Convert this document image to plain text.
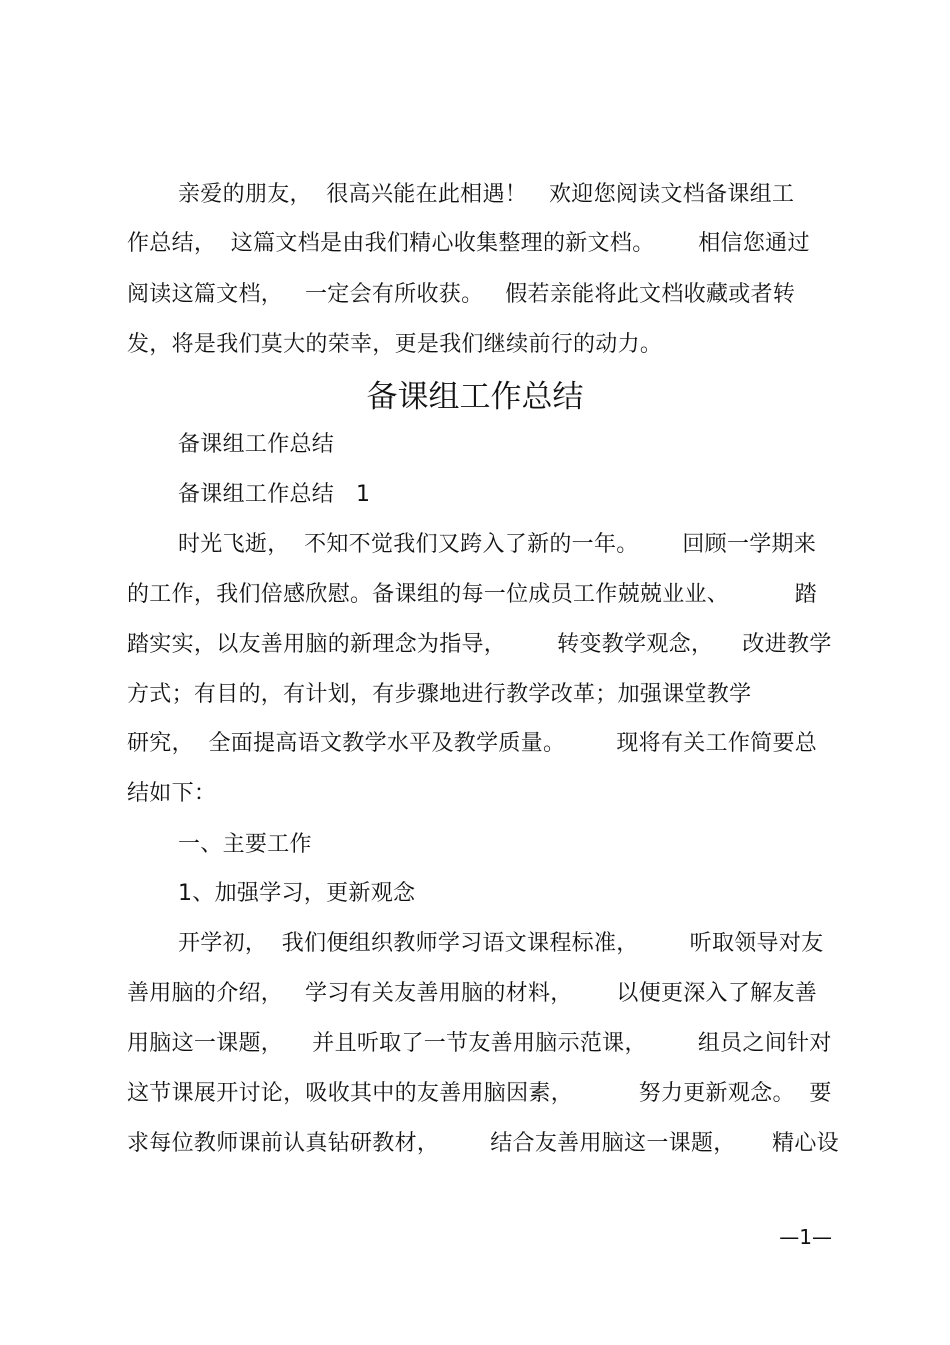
亲爱的朋友，  很高兴能在此相遇！   欢迎您阅读文档备课组工
作总结，  这篇文档是由我们精心收集整理的新文档。      相信您通过
阅读这篇文档，   一定会有所收获。   假若亲能将此文档收藏或者转
发，将是我们莫大的荣幸，更是我们继续前行的动力。
备课组工作总结
备课组工作总结
备课组工作总结   1
时光飞逝，  不知不觉我们又跨入了新的一年。      回顾一学期来
的工作，我们倍感欣慰。备课组的每一位成员工作兢兢业业、         踏
踏实实，以友善用脑的新理念为指导，       转变教学观念，    改进教学
方式；有目的，有计划，有步骤地进行教学改革；加强课堂教学
研究，  全面提高语文教学水平及教学质量。       现将有关工作简要总
结如下：
一、主要工作
1、加强学习，更新观念
开学初，  我们便组织教师学习语文课程标准，       听取领导对友
善用脑的介绍，   学习有关友善用脑的材料，      以便更深入了解友善
用脑这一课题，    并且听取了一节友善用脑示范课，       组员之间针对
这节课展开讨论，吸收其中的友善用脑因素，         努力更新观念。  要
求每位教师课前认真钻研教材，       结合友善用脑这一课题，     精心设
—1—
